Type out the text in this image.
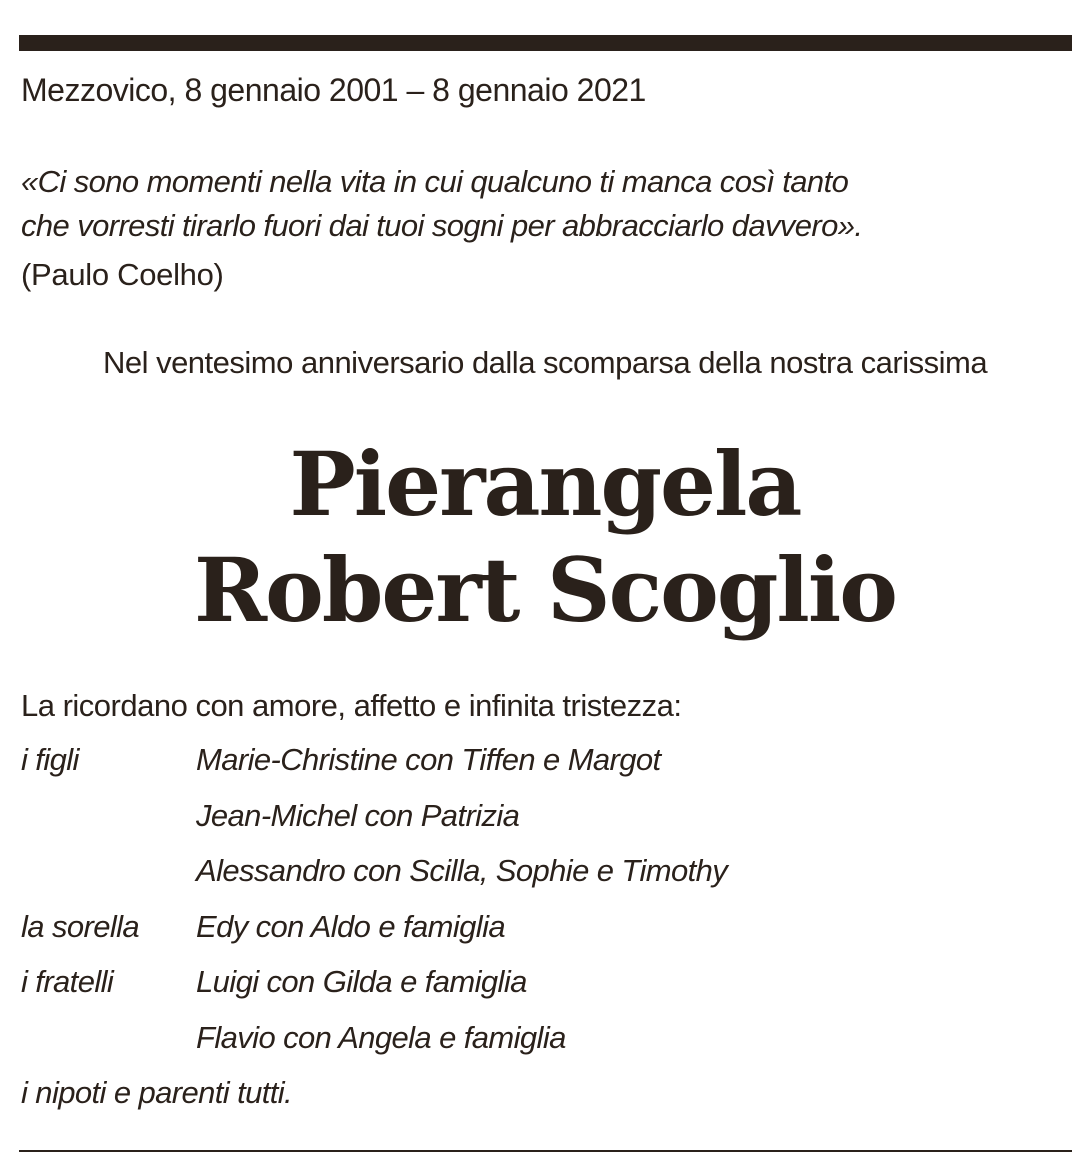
Mezzovico, 8 gennaio 2001 – 8 gennaio 2021
«Ci sono momenti nella vita in cui qualcuno ti manca così tanto
che vorresti tirarlo fuori dai tuoi sogni per abbracciarlo davvero».
(Paulo Coelho)
Nel ventesimo anniversario dalla scomparsa della nostra carissima
Pierangela
Robert Scoglio
La ricordano con amore, affetto e infinita tristezza:
i figli	Marie-Christine con Tiffen e Margot
Jean-Michel con Patrizia
Alessandro con Scilla, Sophie e Timothy
la sorella Edy con Aldo e famiglia
i fratelli	Luigi con Gilda e famiglia
Flavio con Angela e famiglia
i nipoti e parenti tutti.
